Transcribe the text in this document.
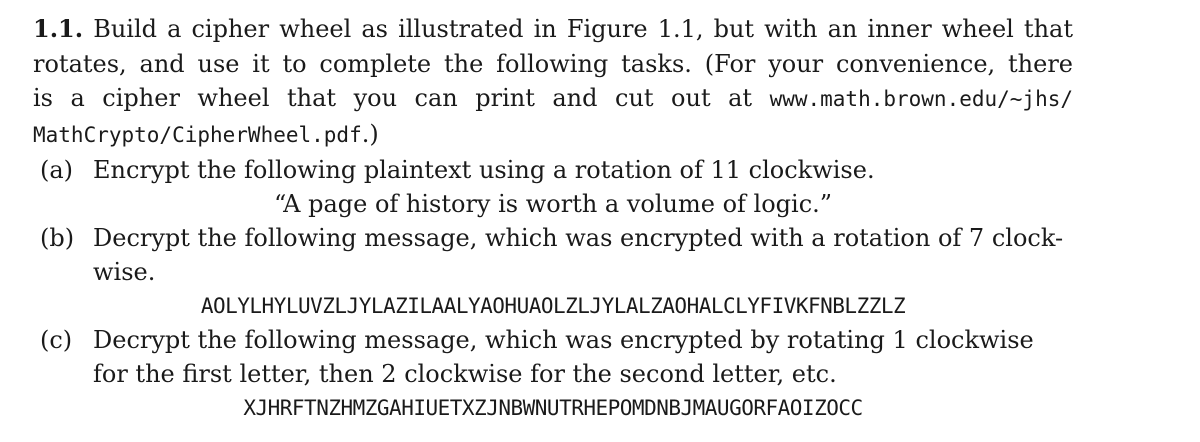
1.1. Build a cipher wheel as illustrated in Figure 1.1, but with an inner wheel that
rotates, and use it to complete the following tasks. (For your convenience, there
is a cipher wheel that you can print and cut out at www.math.brown.edu/~jhs/
MathCrypto/CipherWheel.pdf.)
(a) Encrypt the following plaintext using a rotation of 11 clockwise.
“A page of history is worth a volume of logic.”
(b) Decrypt the following message, which was encrypted with a rotation of 7 clock-
wise.
AOLYLHYLUVZLJYLAZILAALYAOHUAOLZLJYLALZAOHALCLYFIVKFNBLZZLZ
(c) Decrypt the following message, which was encrypted by rotating 1 clockwise
for the first letter, then 2 clockwise for the second letter, etc.
XJHRFTNZHMZGAHIUETXZJNBWNUTRHEPOMDNBJMAUGORFAOIZOCC
